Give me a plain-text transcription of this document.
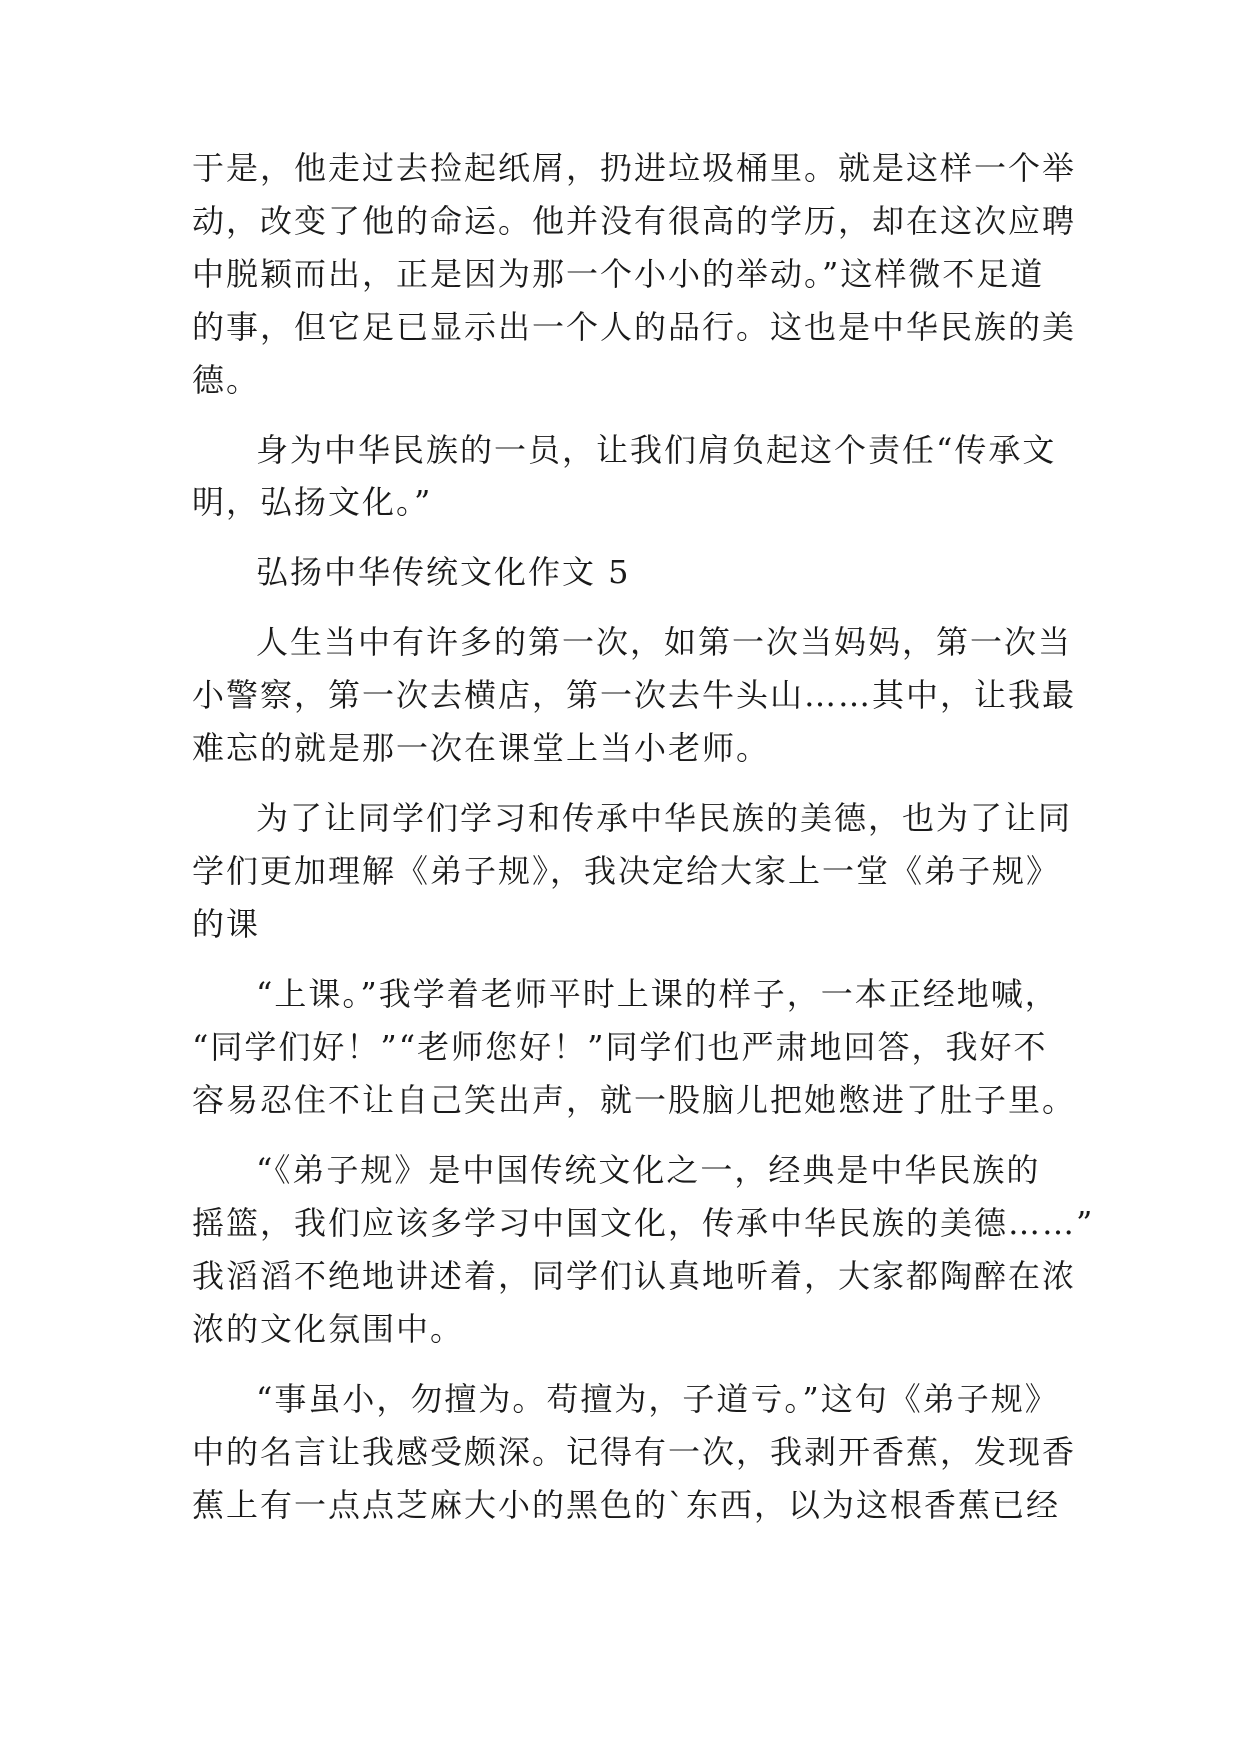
于是，他走过去捡起纸屑，扔进垃圾桶里。就是这样一个举
动，改变了他的命运。他并没有很高的学历，却在这次应聘
中脱颖而出，正是因为那一个小小的举动。”这样微不足道
的事，但它足已显示出一个人的品行。这也是中华民族的美
德。
身为中华民族的一员，让我们肩负起这个责任“传承文
明，弘扬文化。”
弘扬中华传统文化作文 5
人生当中有许多的第一次，如第一次当妈妈，第一次当
小警察，第一次去横店，第一次去牛头山……其中，让我最
难忘的就是那一次在课堂上当小老师。
为了让同学们学习和传承中华民族的美德，也为了让同
学们更加理解《弟子规》，我决定给大家上一堂《弟子规》
的课
“上课。”我学着老师平时上课的样子，一本正经地喊，
“同学们好！”“老师您好！”同学们也严肃地回答，我好不
容易忍住不让自己笑出声，就一股脑儿把她憋进了肚子里。
“《弟子规》是中国传统文化之一，经典是中华民族的
摇篮，我们应该多学习中国文化，传承中华民族的美德……”
我滔滔不绝地讲述着，同学们认真地听着，大家都陶醉在浓
浓的文化氛围中。
“事虽小，勿擅为。苟擅为，子道亏。”这句《弟子规》
中的名言让我感受颇深。记得有一次，我剥开香蕉，发现香
蕉上有一点点芝麻大小的黑色的`东西，以为这根香蕉已经
